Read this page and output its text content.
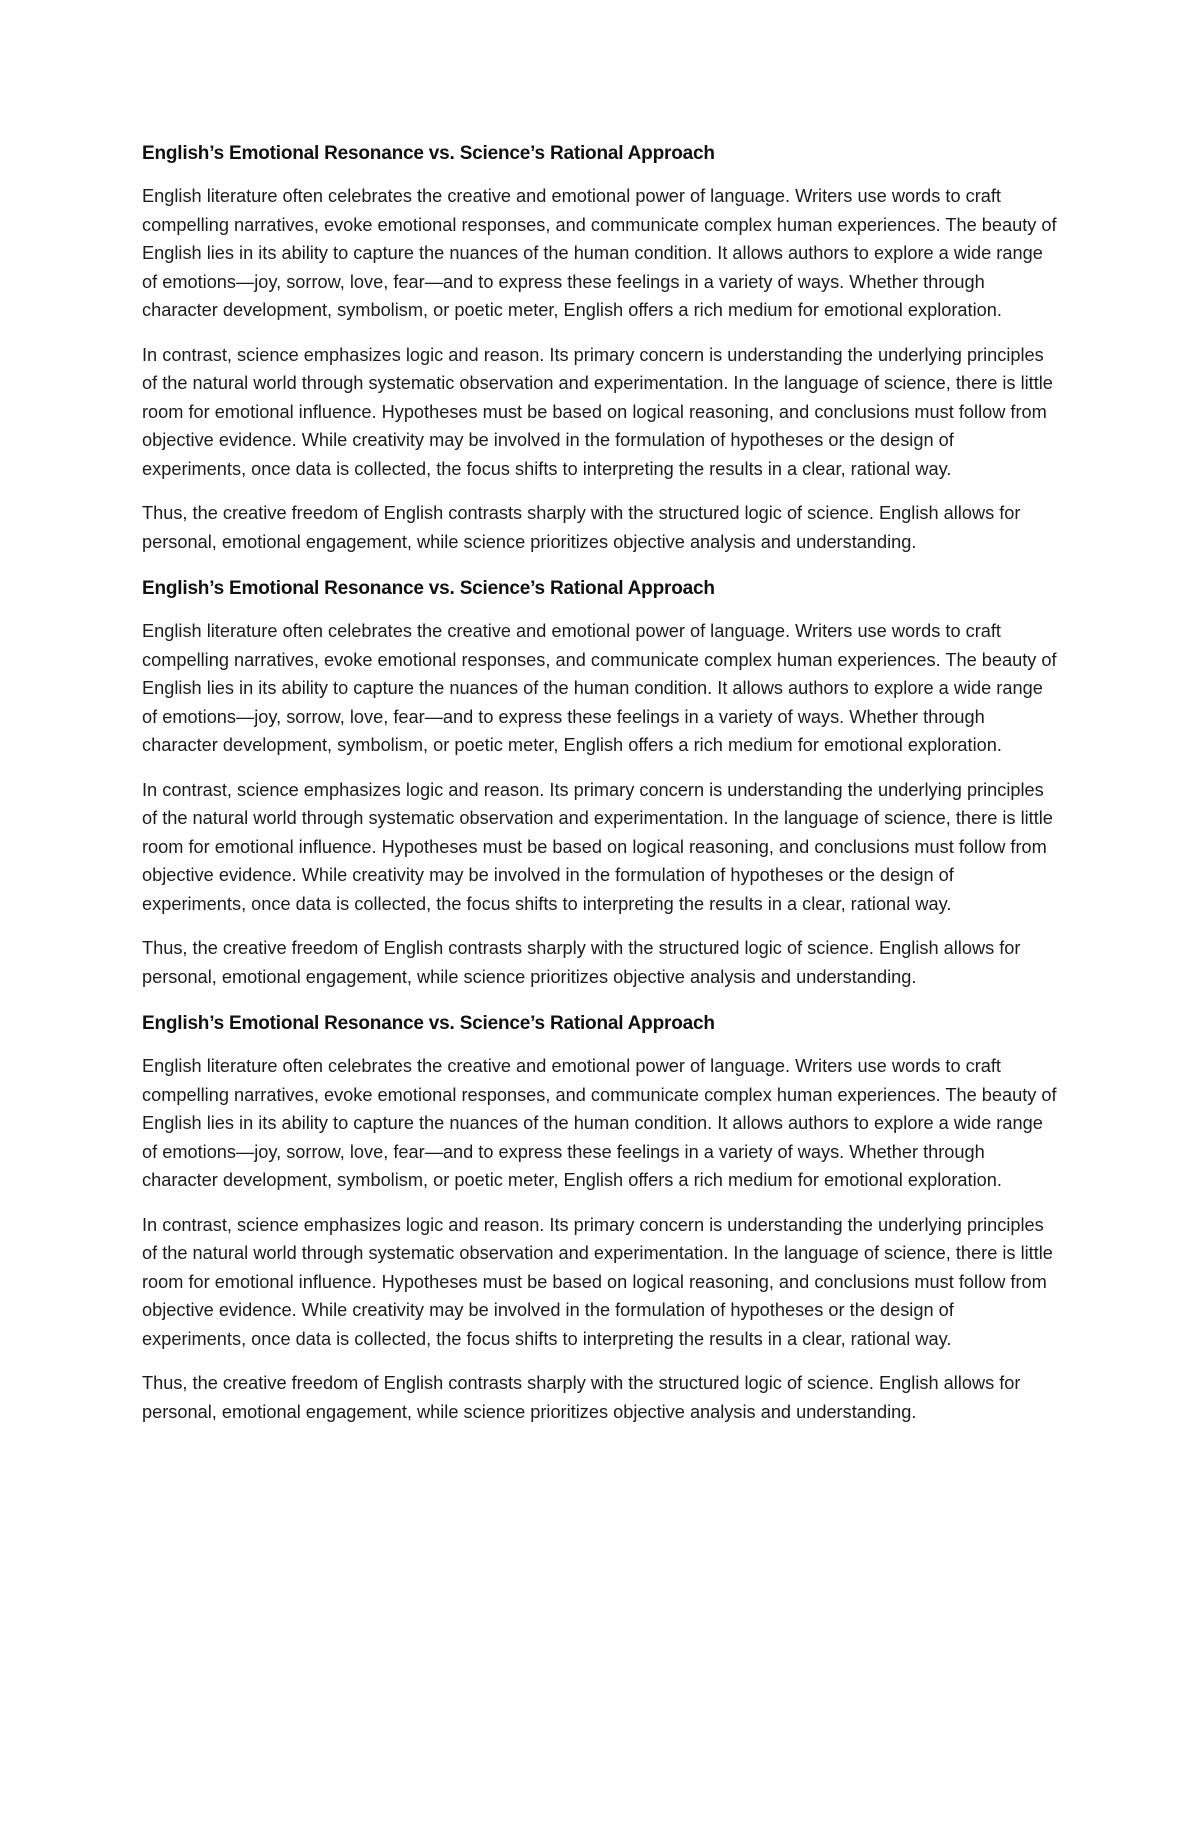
English’s Emotional Resonance vs. Science’s Rational Approach

English literature often celebrates the creative and emotional power of language. Writers use words to craft compelling narratives, evoke emotional responses, and communicate complex human experiences. The beauty of English lies in its ability to capture the nuances of the human condition. It allows authors to explore a wide range of emotions—joy, sorrow, love, fear—and to express these feelings in a variety of ways. Whether through character development, symbolism, or poetic meter, English offers a rich medium for emotional exploration.

In contrast, science emphasizes logic and reason. Its primary concern is understanding the underlying principles of the natural world through systematic observation and experimentation. In the language of science, there is little room for emotional influence. Hypotheses must be based on logical reasoning, and conclusions must follow from objective evidence. While creativity may be involved in the formulation of hypotheses or the design of experiments, once data is collected, the focus shifts to interpreting the results in a clear, rational way.

Thus, the creative freedom of English contrasts sharply with the structured logic of science. English allows for personal, emotional engagement, while science prioritizes objective analysis and understanding.

English’s Emotional Resonance vs. Science’s Rational Approach

English literature often celebrates the creative and emotional power of language. Writers use words to craft compelling narratives, evoke emotional responses, and communicate complex human experiences. The beauty of English lies in its ability to capture the nuances of the human condition. It allows authors to explore a wide range of emotions—joy, sorrow, love, fear—and to express these feelings in a variety of ways. Whether through character development, symbolism, or poetic meter, English offers a rich medium for emotional exploration.

In contrast, science emphasizes logic and reason. Its primary concern is understanding the underlying principles of the natural world through systematic observation and experimentation. In the language of science, there is little room for emotional influence. Hypotheses must be based on logical reasoning, and conclusions must follow from objective evidence. While creativity may be involved in the formulation of hypotheses or the design of experiments, once data is collected, the focus shifts to interpreting the results in a clear, rational way.

Thus, the creative freedom of English contrasts sharply with the structured logic of science. English allows for personal, emotional engagement, while science prioritizes objective analysis and understanding.

English’s Emotional Resonance vs. Science’s Rational Approach

English literature often celebrates the creative and emotional power of language. Writers use words to craft compelling narratives, evoke emotional responses, and communicate complex human experiences. The beauty of English lies in its ability to capture the nuances of the human condition. It allows authors to explore a wide range of emotions—joy, sorrow, love, fear—and to express these feelings in a variety of ways. Whether through character development, symbolism, or poetic meter, English offers a rich medium for emotional exploration.

In contrast, science emphasizes logic and reason. Its primary concern is understanding the underlying principles of the natural world through systematic observation and experimentation. In the language of science, there is little room for emotional influence. Hypotheses must be based on logical reasoning, and conclusions must follow from objective evidence. While creativity may be involved in the formulation of hypotheses or the design of experiments, once data is collected, the focus shifts to interpreting the results in a clear, rational way.

Thus, the creative freedom of English contrasts sharply with the structured logic of science. English allows for personal, emotional engagement, while science prioritizes objective analysis and understanding.
